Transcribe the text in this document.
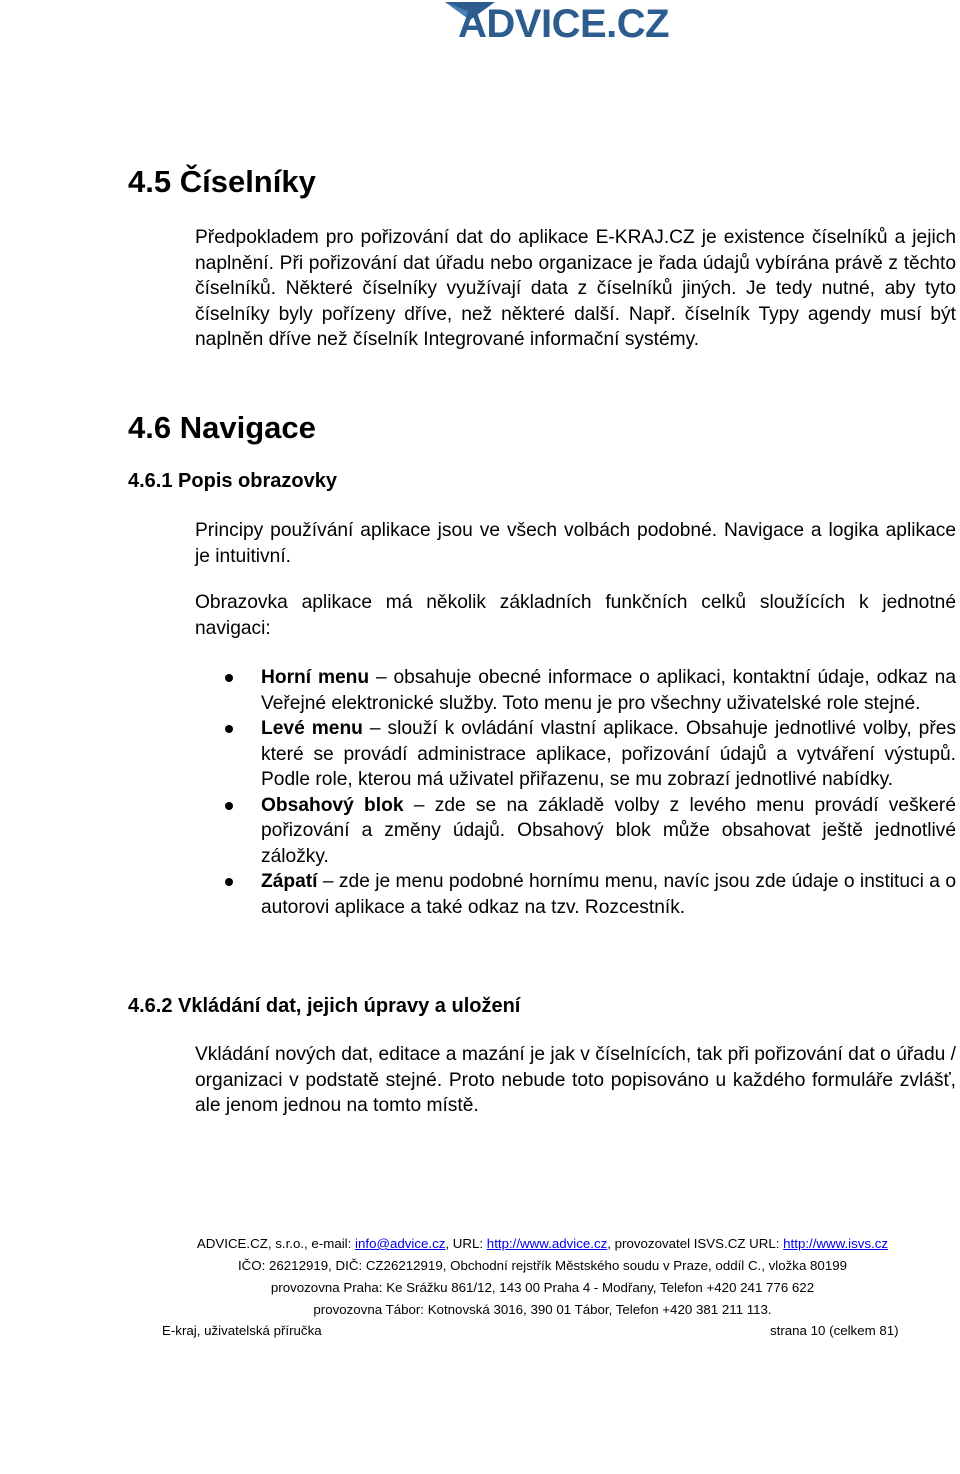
ADVICE.CZ
4.5 Číselníky

Předpokladem pro pořizování dat do aplikace E-KRAJ.CZ je existence číselníků a jejich naplnění. Při pořizování dat úřadu nebo organizace je řada údajů vybírána právě z těchto číselníků. Některé číselníky využívají data z číselníků jiných. Je tedy nutné, aby tyto číselníky byly pořízeny dříve, než některé další. Např. číselník Typy agendy musí být naplněn dříve než číselník Integrované informační systémy.

4.6 Navigace
4.6.1 Popis obrazovky

Principy používání aplikace jsou ve všech volbách podobné. Navigace a logika aplikace je intuitivní.

Obrazovka aplikace má několik základních funkčních celků sloužících k jednotné navigaci:

Horní menu – obsahuje obecné informace o aplikaci, kontaktní údaje, odkaz na Veřejné elektronické služby. Toto menu je pro všechny uživatelské role stejné.
Levé menu – slouží k ovládání vlastní aplikace. Obsahuje jednotlivé volby, přes které se provádí administrace aplikace, pořizování údajů a vytváření výstupů. Podle role, kterou má uživatel přiřazenu, se mu zobrazí jednotlivé nabídky.
Obsahový blok – zde se na základě volby z levého menu provádí veškeré pořizování a změny údajů. Obsahový blok může obsahovat ještě jednotlivé záložky.
Zápatí – zde je menu podobné hornímu menu, navíc jsou zde údaje o instituci a o autorovi aplikace a také odkaz na tzv. Rozcestník.
4.6.2 Vkládání dat, jejich úpravy a uložení

Vkládání nových dat, editace a mazání je jak v číselnících, tak při pořizování dat o úřadu / organizaci v podstatě stejné. Proto nebude toto popisováno u každého formuláře zvlášť, ale jenom jednou na tomto místě.

ADVICE.CZ, s.r.o., e-mail: info@advice.cz, URL: http://www.advice.cz, provozovatel ISVS.CZ URL: http://www.isvs.cz
IČO: 26212919, DIČ: CZ26212919, Obchodní rejstřík Městského soudu v Praze, oddíl C., vložka 80199
provozovna Praha: Ke Srážku 861/12, 143 00 Praha 4 - Modřany, Telefon +420 241 776 622
provozovna Tábor: Kotnovská 3016, 390 01 Tábor, Telefon +420 381 211 113.
E-kraj, uživatelská příručka	strana 10 (celkem 81)
